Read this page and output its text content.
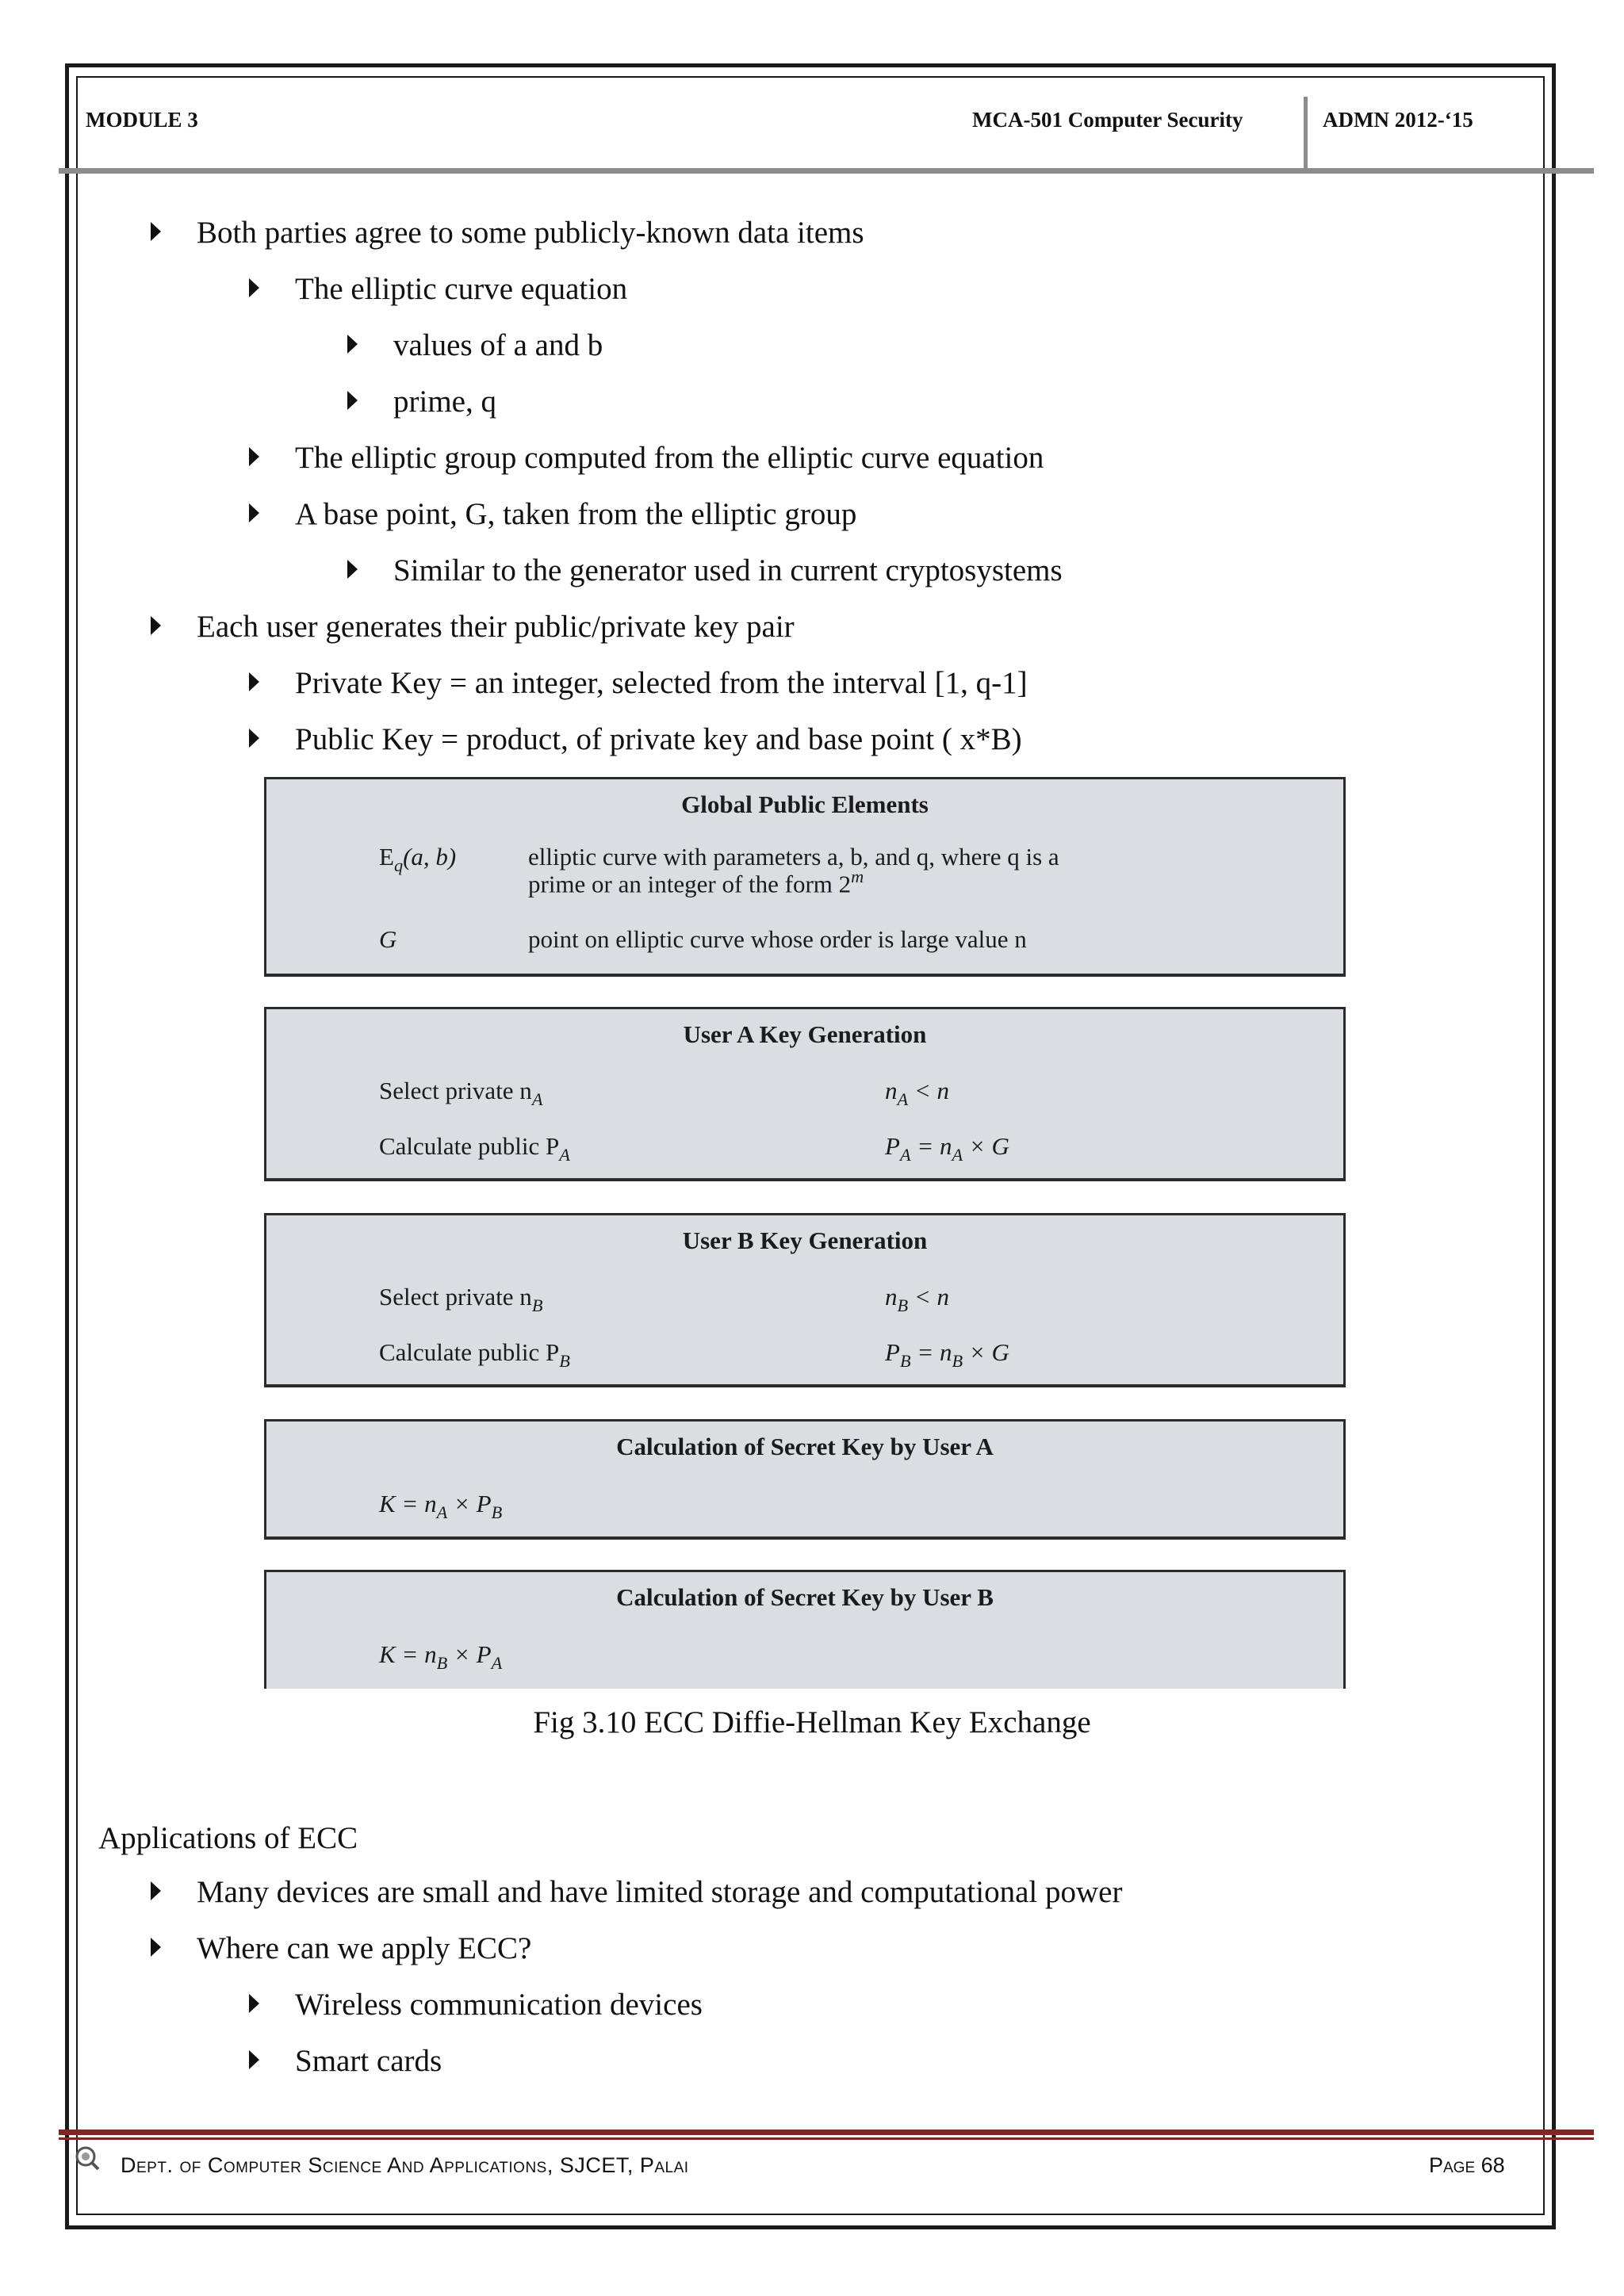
MODULE 3	MCA-501 Computer Security	ADMN 2012-‘15
Both parties agree to some publicly-known data items
The elliptic curve equation
values of a and b
prime, q
The elliptic group computed from the elliptic curve equation
A base point, G, taken from the elliptic group
Similar to the generator used in current cryptosystems
Each user generates their public/private key pair
Private Key = an integer, selected from the interval [1, q-1]
Public Key = product, of private key and base point ( x*B)
Global Public Elements
$E_q(a$, b)	elliptic curve with parameters a, b, and q, where q is a
prime or an integer of the form 2$^m$
G	point on elliptic curve whose order is large value n
User A Key Generation
Select private $n_A$	$n_A < n$
Calculate public $P_A$	$P_A = n_A \times G$
User B Key Generation
Select private $n_B$	$n_B < n$
Calculate public $P_B$	$P_B = n_B \times G$
Calculation of Secret Key by User A
$K = n_A \times P_B$
Calculation of Secret Key by User B
$K = n_B \times P_A$
Fig 3.10 ECC Diffie-Hellman Key Exchange
Applications of ECC
Many devices are small and have limited storage and computational power
Where can we apply ECC?
Wireless communication devices
Smart cards
Dept. of Computer Science And Applications, SJCET, Palai	Page 68
